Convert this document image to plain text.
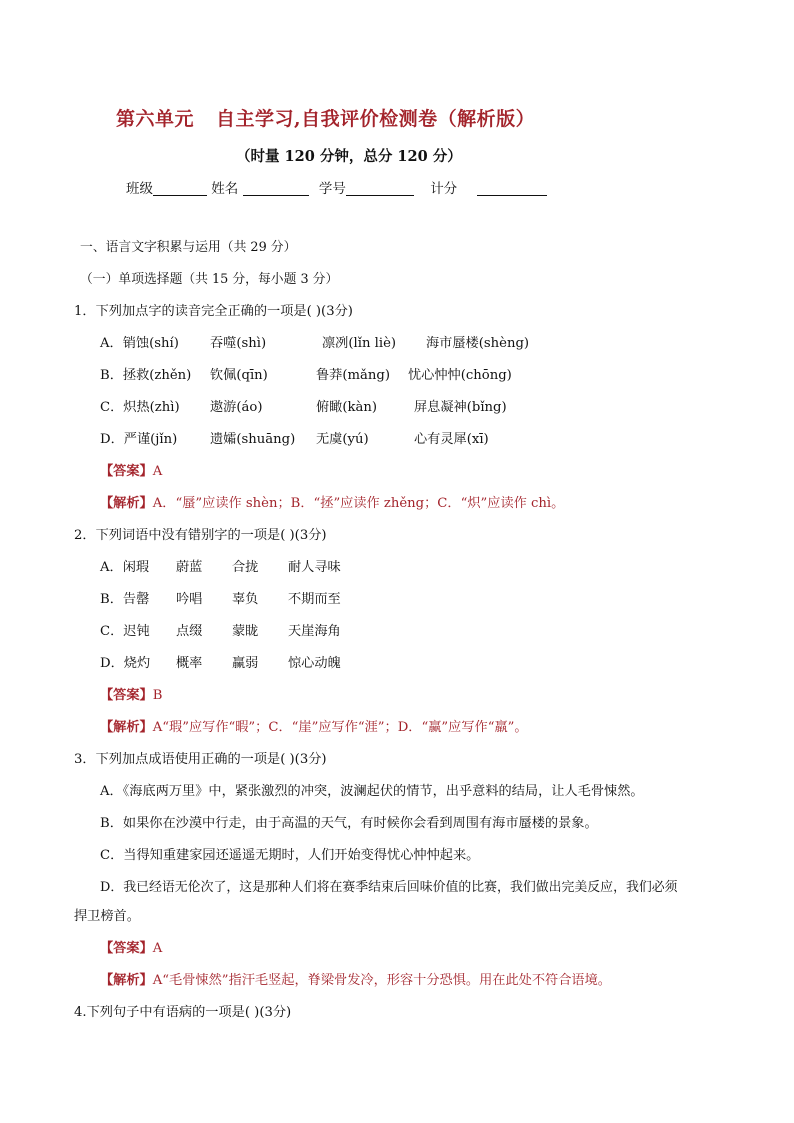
第六单元 自主学习,自我评价检测卷（解析版）
（时量 120 分钟，总分 120 分）
班级	姓名	学号	计分
一、语言文字积累与运用（共 29 分）
（一）单项选择题（共 15 分，每小题 3 分）
1．下列加点字的读音完全正确的一项是( )(3分)
A．销蚀(shí) 吞噬(shì)	凛冽(lǐn liè) 海市蜃楼(shèng)
B．拯救(zhěn) 钦佩(qīn)	鲁莽(mǎng) 忧心忡忡(chōng)
C．炽热(zhì) 遨游(áo)	俯瞰(kàn)	屏息凝神(bǐng)
D．严谨(jǐn) 遗孀(shuāng) 无虞(yú)	心有灵犀(xī)
【答案】A
【解析】A．“蜃”应读作 shèn；B．“拯”应读作 zhěng；C．“炽”应读作 chì。
2．下列词语中没有错别字的一项是( )(3分)
A．闲瑕 蔚蓝 合拢 耐人寻味
B．告罄 吟唱 辜负 不期而至
C．迟钝 点缀 蒙眬 天崖海角
D．烧灼 概率 赢弱 惊心动魄
【答案】B
【解析】A“瑕”应写作“暇”；C．“崖”应写作“涯”；D．“赢”应写作“羸”。
3．下列加点成语使用正确的一项是( )(3分)
A．《海底两万里》中，紧张激烈的冲突，波澜起伏的情节，出乎意料的结局，让人毛骨悚然。
B．如果你在沙漠中行走，由于高温的天气，有时候你会看到周围有海市蜃楼的景象。
C．当得知重建家园还遥遥无期时，人们开始变得忧心忡忡起来。
D．我已经语无伦次了，这是那种人们将在赛季结束后回味价值的比赛，我们做出完美反应，我们必须
捍卫榜首。
【答案】A
【解析】A“毛骨悚然”指汗毛竖起，脊梁骨发冷，形容十分恐惧。用在此处不符合语境。
4.下列句子中有语病的一项是( )(3分)
